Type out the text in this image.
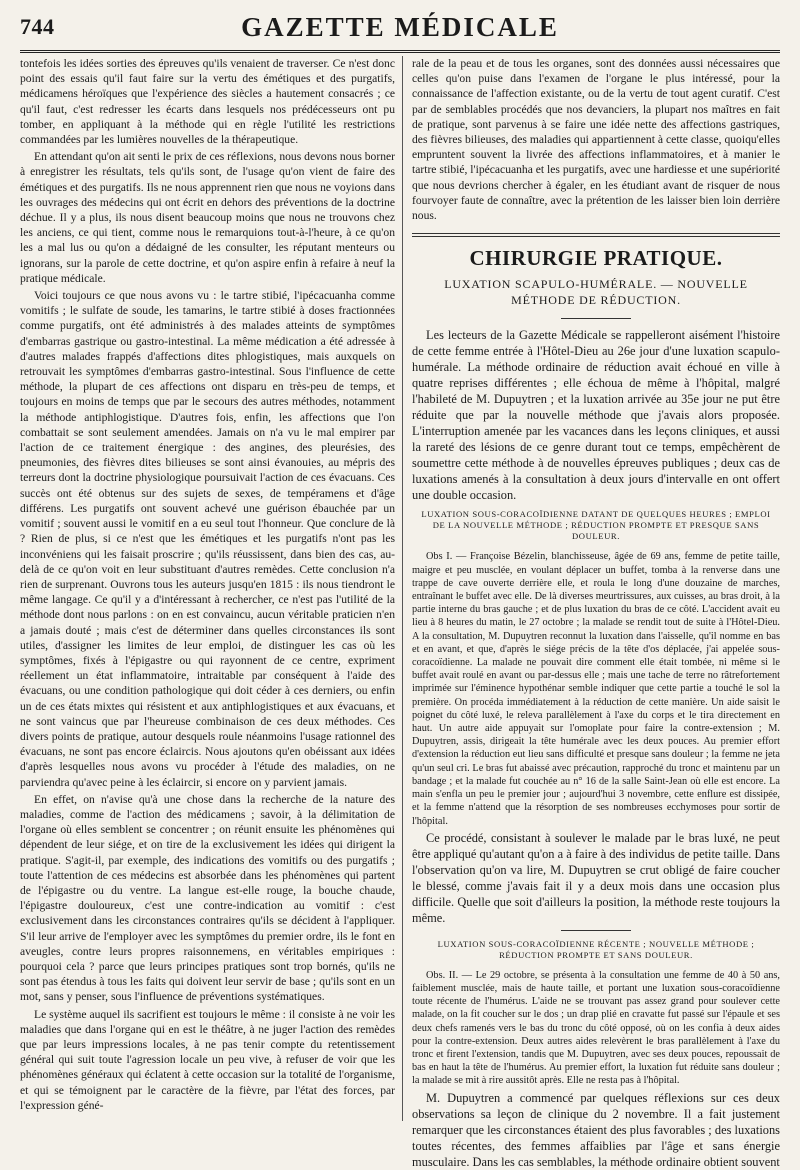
744	GAZETTE MÉDICALE

tontefois les idées sorties des épreuves qu'ils venaient de traverser. Ce n'est donc point des essais qu'il faut faire sur la vertu des émétiques et des purgatifs, médicamens héroïques que l'expérience des siècles a hautement consacrés ; ce qu'il faut, c'est redresser les écarts dans lesquels nos prédécesseurs ont pu tomber, en appliquant à la méthode qui en règle l'utilité les restrictions commandées par les lumières nouvelles de la thérapeutique.

En attendant qu'on ait senti le prix de ces réflexions, nous devons nous borner à enregistrer les résultats, tels qu'ils sont, de l'usage qu'on vient de faire des émétiques et des purgatifs. Ils ne nous apprennent rien que nous ne voyions dans les ouvrages des médecins qui ont écrit en dehors des préventions de la doctrine déchue. Il y a plus, ils nous disent beaucoup moins que nous ne trouvons chez les anciens, ce qui tient, comme nous le remarquions tout-à-l'heure, à ce qu'on les a mal lus ou qu'on a dédaigné de les consulter, les réputant menteurs ou ignorans, sur la parole de cette doctrine, et qu'on aspire enfin à refaire à neuf la pratique médicale.

Voici toujours ce que nous avons vu : le tartre stibié, l'ipécacuanha comme vomitifs ; le sulfate de soude, les tamarins, le tartre stibié à doses fractionnées comme purgatifs, ont été administrés à des malades atteints de symptômes d'embarras gastrique ou gastro-intestinal. La même médication a été adressée à d'autres malades frappés d'affections dites phlogistiques, mais auxquels on retrouvait les symptômes d'embarras gastro-intestinal. Sous l'influence de cette méthode, la plupart de ces affections ont disparu en très-peu de temps, et toujours en moins de temps que par le secours des autres méthodes, notamment la méthode antiphlogistique. D'autres fois, enfin, les affections que l'on combattait se sont seulement amendées. Jamais on n'a vu le mal empirer par l'action de ce traitement énergique : des angines, des pleurésies, des pneumonies, des fièvres dites bilieuses se sont ainsi évanouies, au mépris des terreurs dont la doctrine physiologique poursuivait l'action de ces évacuans. Ces succès ont été obtenus sur des sujets de sexes, de tempéramens et d'âge différens. Les purgatifs ont souvent achevé une guérison ébauchée par un vomitif ; souvent aussi le vomitif en a eu seul tout l'honneur. Que conclure de là ? Rien de plus, si ce n'est que les émétiques et les purgatifs n'ont pas les inconvéniens qui les faisait proscrire ; qu'ils réussissent, dans bien des cas, au-delà de ce qu'on voit en leur substituant d'autres remèdes. Cette conclusion n'a rien de surprenant. Ouvrons tous les auteurs jusqu'en 1815 : ils nous tiendront le même langage. Ce qu'il y a d'intéressant à rechercher, ce n'est pas l'utilité de la méthode dont nous parlons : on en est convaincu, aucun véritable praticien n'en a jamais douté ; mais c'est de déterminer dans quelles circonstances ils sont utiles, d'assigner les limites de leur emploi, de distinguer les cas où les symptômes, fixés à l'épigastre ou qui rayonnent de ce centre, expriment réellement un état inflammatoire, intraitable par conséquent à l'aide des évacuans, ou une condition pathologique qui doit céder à ces derniers, ou enfin un de ces états mixtes qui résistent et aux antiphlogistiques et aux évacuans, et ne sont vaincus que par l'heureuse combinaison de ces deux méthodes. Ces divers points de pratique, autour desquels roule néanmoins l'usage rationnel des évacuans, ne sont pas encore éclaircis. Nous ajoutons qu'en obéissant aux idées d'après lesquelles nous avons vu procéder à l'étude des maladies, on ne parviendra qu'avec peine à les éclaircir, si encore on y parvient jamais.

En effet, on n'avise qu'à une chose dans la recherche de la nature des maladies, comme de l'action des médicamens ; savoir, à la délimitation de l'organe où elles semblent se concentrer ; on réunit ensuite les phénomènes qui dépendent de leur siége, et on tire de la exclusivement les idées qui dirigent la pratique. S'agit-il, par exemple, des indications des vomitifs ou des purgatifs ; toute l'attention de ces médecins est absorbée dans les phénomènes qui partent de l'épigastre ou du ventre. La langue est-elle rouge, la bouche chaude, l'épigastre douloureux, c'est une contre-indication au vomitif : c'est exclusivement dans les circonstances contraires qu'ils se décident à l'appliquer. S'il leur arrive de l'employer avec les symptômes du premier ordre, ils le font en aveugles, contre leurs propres raisonnemens, en véritables empiriques : pourquoi cela ? parce que leurs principes pratiques sont trop bornés, qu'ils ne sont pas étendus à tous les faits qui doivent leur servir de base ; qu'ils sont en un mot, sans y penser, sous l'influence de préventions systématiques.

Le système auquel ils sacrifient est toujours le même : il consiste à ne voir les maladies que dans l'organe qui en est le théâtre, à ne juger l'action des remèdes que par leurs impressions locales, à ne pas tenir compte du retentissement général qui suit toute l'agression locale un peu vive, à refuser de voir que les phénomènes généraux qui éclatent à cette occasion sur la totalité de l'organisme, et qui se témoignent par le caractère de la fièvre, par l'état des forces, par l'expression géné-

rale de la peau et de tous les organes, sont des données aussi nécessaires que celles qu'on puise dans l'examen de l'organe le plus intéressé, pour la connaissance de l'affection existante, ou de la vertu de tout agent curatif. C'est par de semblables procédés que nos devanciers, la plupart nos maîtres en fait de pratique, sont parvenus à se faire une idée nette des affections gastriques, des fièvres bilieuses, des maladies qui appartiennent à cette classe, quoiqu'elles empruntent souvent la livrée des affections inflammatoires, et à manier le tartre stibié, l'ipécacuanha et les purgatifs, avec une hardiesse et une supériorité que nous devrions chercher à égaler, en les étudiant avant de risquer de nous fourvoyer faute de connaître, avec la prétention de les laisser bien loin derrière nous.

CHIRURGIE PRATIQUE.
LUXATION SCAPULO-HUMÉRALE. — NOUVELLE MÉTHODE DE RÉDUCTION.

Les lecteurs de la Gazette Médicale se rappelleront aisément l'histoire de cette femme entrée à l'Hôtel-Dieu au 26e jour d'une luxation scapulo-humérale. La méthode ordinaire de réduction avait échoué en ville à quatre reprises différentes ; elle échoua de même à l'hôpital, malgré l'habileté de M. Dupuytren ; et la luxation arrivée au 35e jour ne put être réduite que par la nouvelle méthode que j'avais alors proposée. L'interruption amenée par les vacances dans les leçons cliniques, et aussi la rareté des lésions de ce genre durant tout ce temps, empêchèrent de soumettre cette méthode à de nouvelles épreuves publiques ; deux cas de luxations amenés à la consultation à deux jours d'intervalle en ont offert une double occasion.

LUXATION SOUS-CORACOÏDIENNE DATANT DE QUELQUES HEURES ; EMPLOI DE LA NOUVELLE MÉTHODE ; RÉDUCTION PROMPTE ET PRESQUE SANS DOULEUR.

Obs I. — Françoise Bézelin, blanchisseuse, âgée de 69 ans, femme de petite taille, maigre et peu musclée, en voulant déplacer un buffet, tomba à la renverse dans une trappe de cave ouverte derrière elle, et roula le long d'une douzaine de marches, entraînant le buffet avec elle. De là diverses meurtrissures, aux cuisses, au bras droit, à la partie interne du bras gauche ; et de plus luxation du bras de ce côté. L'accident avait eu lieu à 8 heures du matin, le 27 octobre ; la malade se rendit tout de suite à l'Hôtel-Dieu. A la consultation, M. Dupuytren reconnut la luxation dans l'aisselle, qu'il nomme en bas et en avant, et que, d'après le siége précis de la tête d'os déplacée, j'ai appelée sous-coracoïdienne. La malade ne pouvait dire comment elle était tombée, ni même si le buffet avait roulé en avant ou par-dessus elle ; mais une tache de terre no râtrefortement imprimée sur l'éminence hypothénar semble indiquer que cette partie a touché le sol la première. On procéda immédiatement à la réduction de cette manière. Un aide saisit le poignet du côté luxé, le releva parallèlement à l'axe du corps et le tira directement en haut. Un autre aide appuyait sur l'omoplate pour faire la contre-extension ; M. Dupuytren, assis, dirigeait la tête humérale avec les deux pouces. Au premier effort d'extension la réduction eut lieu sans difficulté et presque sans douleur ; la femme ne jeta qu'un seul cri. Le bras fut abaissé avec précaution, rapproché du tronc et maintenu par un bandage ; et la malade fut couchée au n° 16 de la salle Saint-Jean où elle est encore. La main s'enfla un peu le premier jour ; aujourd'hui 3 novembre, cette enflure est dissipée, et la femme n'attend que la résorption de ses nombreuses ecchymoses pour sortir de l'hôpital.

Ce procédé, consistant à soulever le malade par le bras luxé, ne peut être appliqué qu'autant qu'on a à faire à des individus de petite taille. Dans l'observation qu'on va lire, M. Dupuytren se crut obligé de faire coucher le blessé, comme j'avais fait il y a deux mois dans une occasion plus difficile. Quelle que soit d'ailleurs la position, la méthode reste toujours la même.

LUXATION SOUS-CORACOÏDIENNE RÉCENTE ; NOUVELLE MÉTHODE ; RÉDUCTION PROMPTE ET SANS DOULEUR.

Obs. II. — Le 29 octobre, se présenta à la consultation une femme de 40 à 50 ans, faiblement musclée, mais de haute taille, et portant une luxation sous-coracoïdienne toute récente de l'humérus. L'aide ne se trouvant pas assez grand pour soulever cette malade, on la fit coucher sur le dos ; un drap plié en cravatte fut passé sur l'épaule et ses deux chefs ramenés vers le bas du tronc du côté opposé, où on les confia à deux aides pour la contre-extension. Deux autres aides relevèrent le bras parallèlement à l'axe du tronc et firent l'extension, tandis que M. Dupuytren, avec ses deux pouces, repoussait de bas en haut la tête de l'humérus. Au premier effort, la luxation fut réduite sans douleur ; la malade se mit à rire aussitôt après. Elle ne resta pas à l'hôpital.

M. Dupuytren a commencé par quelques réflexions sur ces deux observations sa leçon de clinique du 2 novembre. Il a fait justement remarquer que les circonstances étaient des plus favorables ; des luxations toutes récentes, des femmes affaiblies par l'âge et sans énergie musculaire. Dans les cas semblables, la méthode ordinaire obtient souvent
